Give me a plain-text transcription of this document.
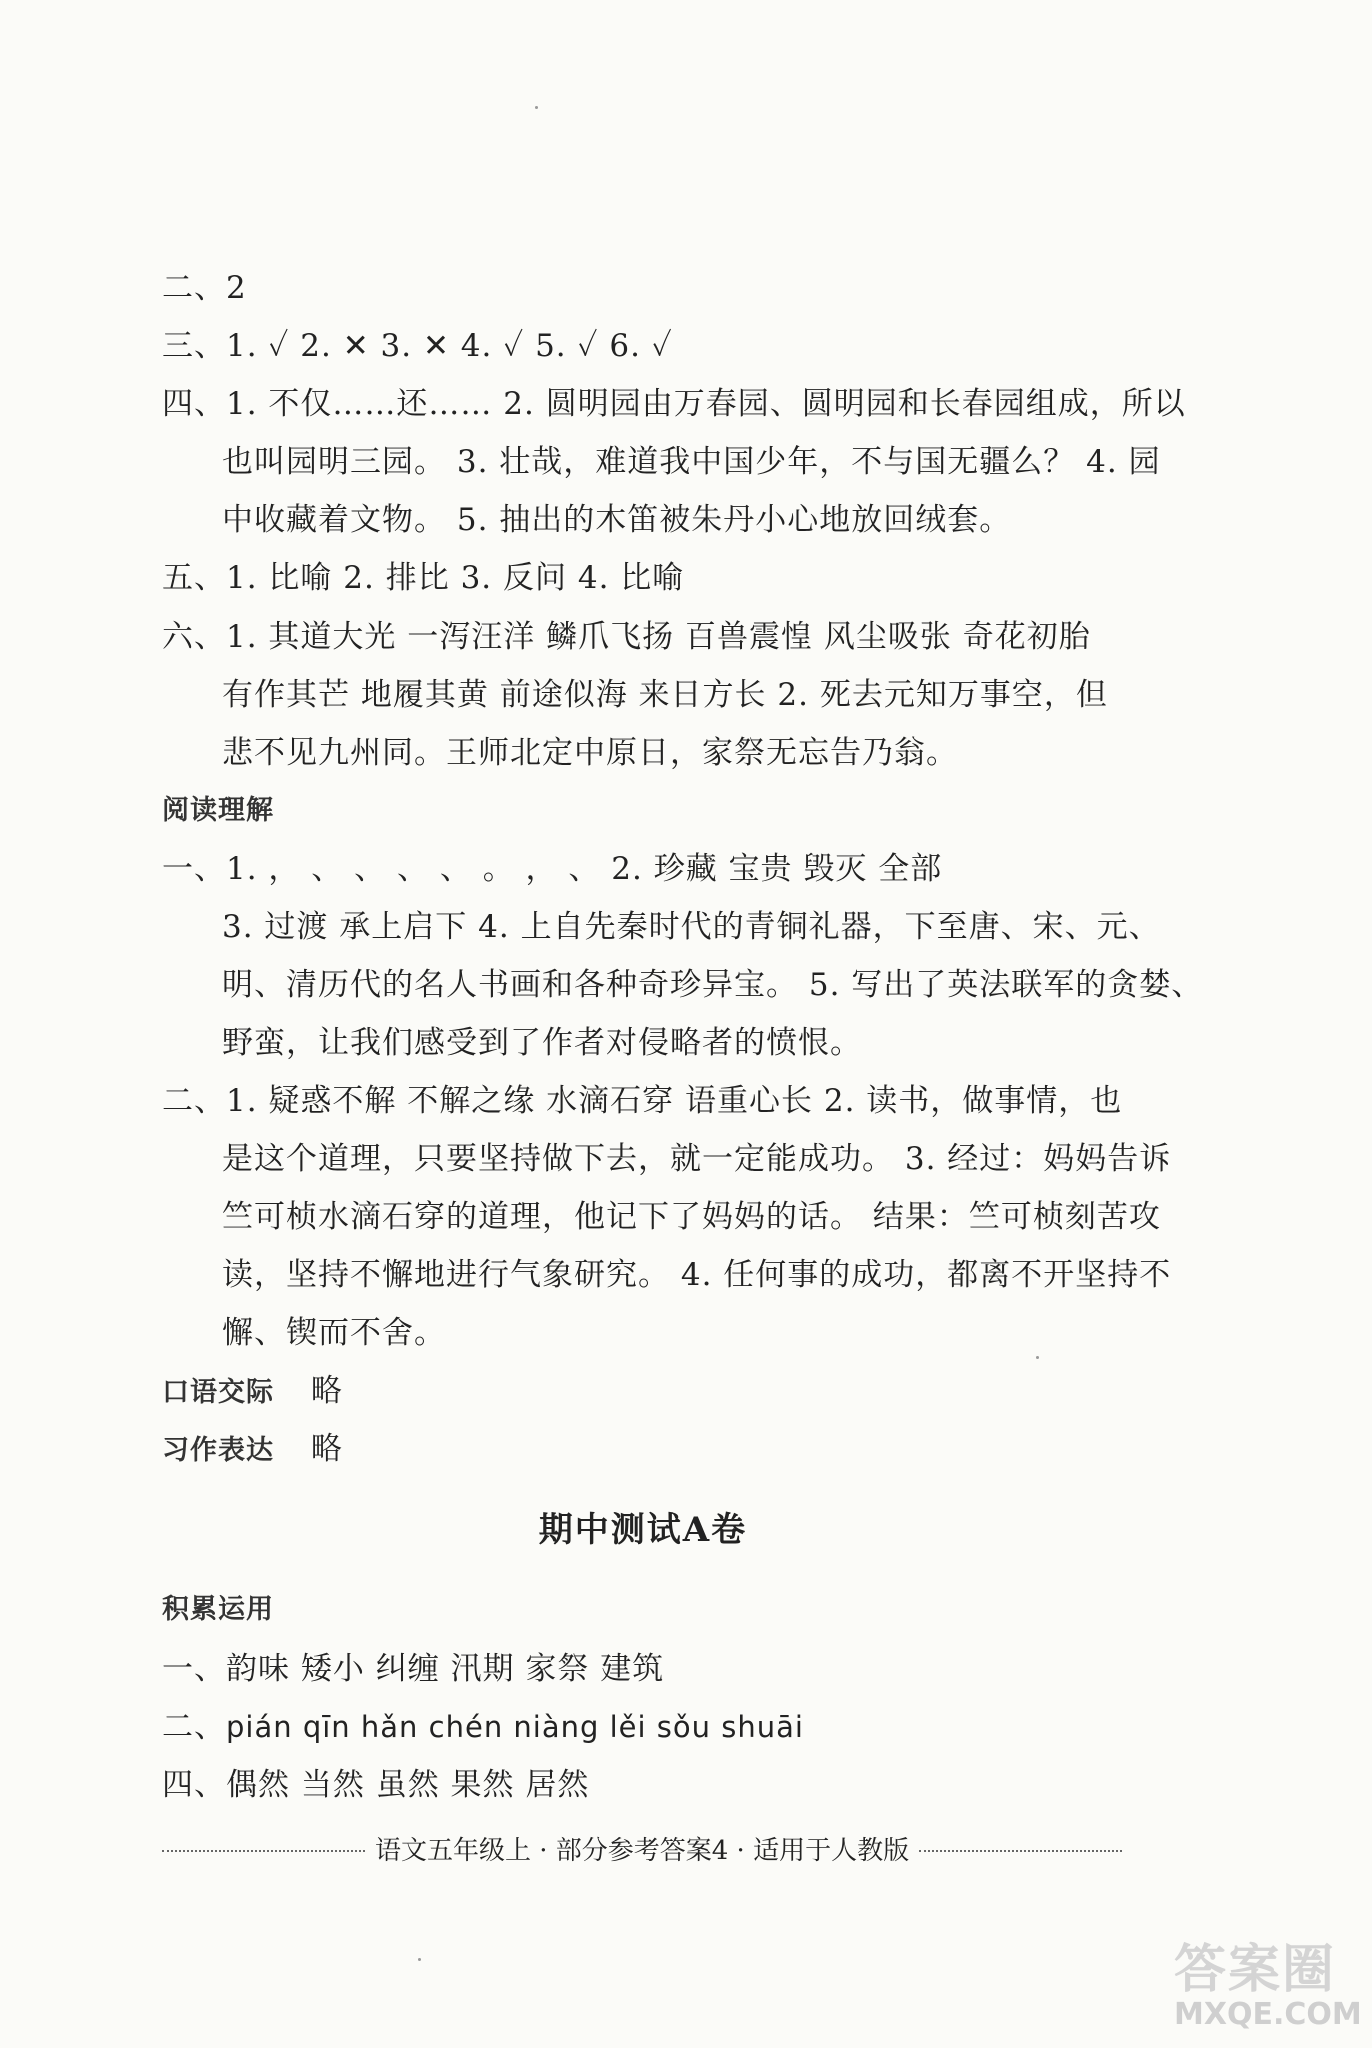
二、2
三、1. ✓ 2. ✕ 3. ✕ 4. ✓ 5. ✓ 6. ✓
四、1. 不仅……还…… 2. 圆明园由万春园、圆明园和长春园组成，所以
也叫园明三园。 3. 壮哉，难道我中国少年，不与国无疆么？ 4. 园
中收藏着文物。 5. 抽出的木笛被朱丹小心地放回绒套。
五、1. 比喻 2. 排比 3. 反问 4. 比喻
六、1. 其道大光 一泻汪洋 鳞爪飞扬 百兽震惶 风尘吸张 奇花初胎
有作其芒 地履其黄 前途似海 来日方长 2. 死去元知万事空，但
悲不见九州同。王师北定中原日，家祭无忘告乃翁。
阅读理解
一、1. ， 、 、 、 、 。 ， 、 2. 珍藏 宝贵 毁灭 全部
3. 过渡 承上启下 4. 上自先秦时代的青铜礼器，下至唐、宋、元、
明、清历代的名人书画和各种奇珍异宝。 5. 写出了英法联军的贪婪、
野蛮，让我们感受到了作者对侵略者的愤恨。
二、1. 疑惑不解 不解之缘 水滴石穿 语重心长 2. 读书，做事情，也
是这个道理，只要坚持做下去，就一定能成功。 3. 经过：妈妈告诉
竺可桢水滴石穿的道理，他记下了妈妈的话。 结果：竺可桢刻苦攻
读，坚持不懈地进行气象研究。 4. 任何事的成功，都离不开坚持不
懈、锲而不舍。
口语交际 略
习作表达 略
期中测试A卷
积累运用
一、韵味 矮小 纠缠 汛期 家祭 建筑
二、pián qīn hǎn chén niàng lěi sǒu shuāi
四、偶然 当然 虽然 果然 居然
语文五年级上 · 部分参考答案4 · 适用于人教版
答案圈
MXQE.COM
